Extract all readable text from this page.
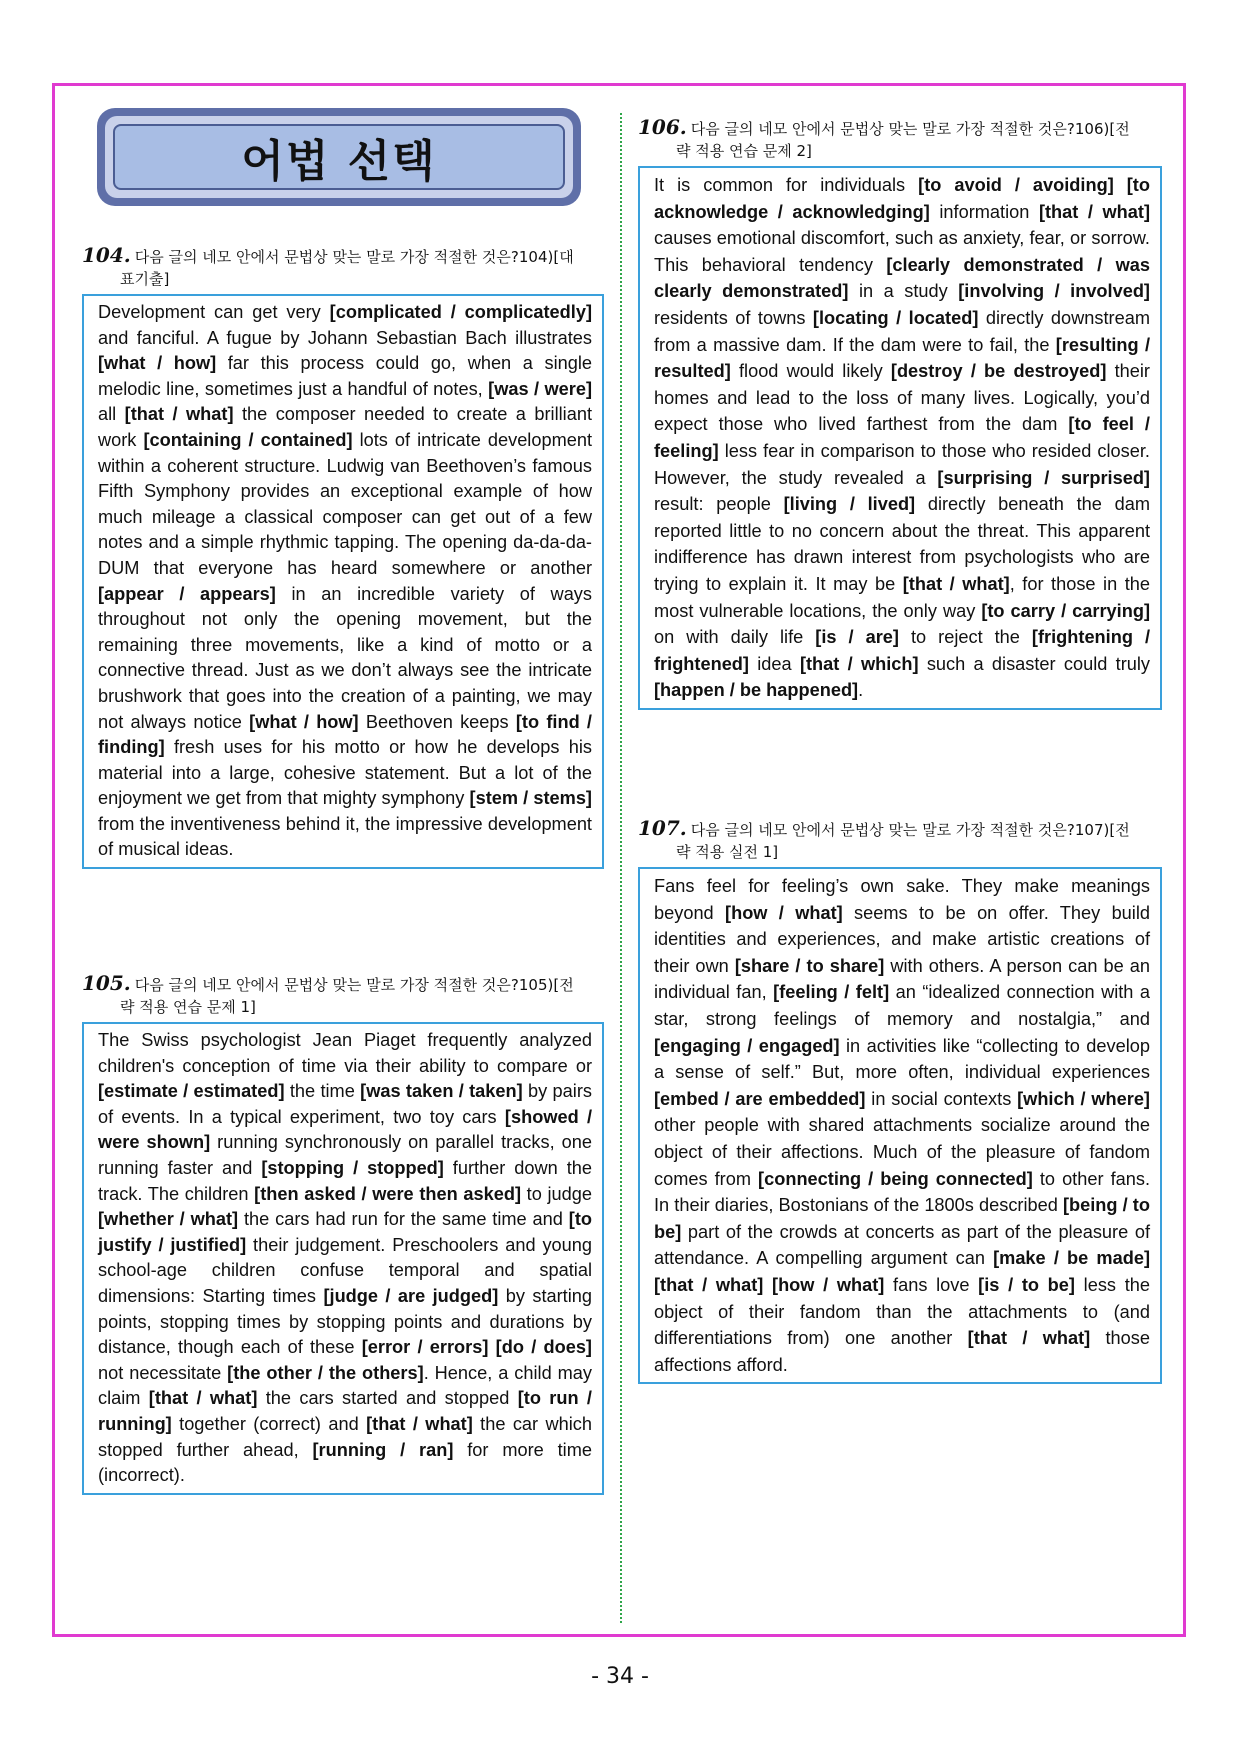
어법 선택
104. 다음 글의 네모 안에서 문법상 맞는 말로 가장 적절한 것은?104)[대
표기출]
Development can get very [complicated / complicatedly] and fanciful. A fugue by Johann Sebastian Bach illustrates [what / how] far this process could go, when a single melodic line, sometimes just a handful of notes, [was / were] all [that / what] the composer needed to create a brilliant work [containing / contained] lots of intricate development within a coherent structure. Ludwig van Beethoven’s famous Fifth Symphony provides an exceptional example of how much mileage a classical composer can get out of a few notes and a simple rhythmic tapping. The opening da-da-da-DUM that everyone has heard somewhere or another [appear / appears] in an incredible variety of ways throughout not only the opening movement, but the remaining three movements, like a kind of motto or a connective thread. Just as we don’t always see the intricate brushwork that goes into the creation of a painting, we may not always notice [what / how] Beethoven keeps [to find / finding] fresh uses for his motto or how he develops his material into a large, cohesive statement. But a lot of the enjoyment we get from that mighty symphony [stem / stems] from the inventiveness behind it, the impressive development of musical ideas.
105. 다음 글의 네모 안에서 문법상 맞는 말로 가장 적절한 것은?105)[전
략 적용 연습 문제 1]
The Swiss psychologist Jean Piaget frequently analyzed children's conception of time via their ability to compare or [estimate / estimated] the time [was taken / taken] by pairs of events. In a typical experiment, two toy cars [showed / were shown] running synchronously on parallel tracks, one running faster and [stopping / stopped] further down the track. The children [then asked / were then asked] to judge [whether / what] the cars had run for the same time and [to justify / justified] their judgement. Preschoolers and young school-age children confuse temporal and spatial dimensions: Starting times [judge / are judged] by starting points, stopping times by stopping points and durations by distance, though each of these [error / errors] [do / does] not necessitate [the other / the others]. Hence, a child may claim [that / what] the cars started and stopped [to run / running] together (correct) and [that / what] the car which stopped further ahead, [running / ran] for more time (incorrect).
106. 다음 글의 네모 안에서 문법상 맞는 말로 가장 적절한 것은?106)[전
략 적용 연습 문제 2]
It is common for individuals [to avoid / avoiding] [to acknowledge / acknowledging] information [that / what] causes emotional discomfort, such as anxiety, fear, or sorrow. This behavioral tendency [clearly demonstrated / was clearly demonstrated] in a study [involving / involved] residents of towns [locating / located] directly downstream from a massive dam. If the dam were to fail, the [resulting / resulted] flood would likely [destroy / be destroyed] their homes and lead to the loss of many lives. Logically, you’d expect those who lived farthest from the dam [to feel / feeling] less fear in comparison to those who resided closer. However, the study revealed a [surprising / surprised] result: people [living / lived] directly beneath the dam reported little to no concern about the threat. This apparent indifference has drawn interest from psychologists who are trying to explain it. It may be [that / what], for those in the most vulnerable locations, the only way [to carry / carrying] on with daily life [is / are] to reject the [frightening / frightened] idea [that / which] such a disaster could truly [happen / be happened].
107. 다음 글의 네모 안에서 문법상 맞는 말로 가장 적절한 것은?107)[전
략 적용 실전 1]
Fans feel for feeling’s own sake. They make meanings beyond [how / what] seems to be on offer. They build identities and experiences, and make artistic creations of their own [share / to share] with others. A person can be an individual fan, [feeling / felt] an “idealized connection with a star, strong feelings of memory and nostalgia,” and [engaging / engaged] in activities like “collecting to develop a sense of self.” But, more often, individual experiences [embed / are embedded] in social contexts [which / where] other people with shared attachments socialize around the object of their affections. Much of the pleasure of fandom comes from [connecting / being connected] to other fans. In their diaries, Bostonians of the 1800s described [being / to be] part of the crowds at concerts as part of the pleasure of attendance. A compelling argument can [make / be made] [that / what] [how / what] fans love [is / to be] less the object of their fandom than the attachments to (and differentiations from) one another [that / what] those affections afford.
- 34 -
